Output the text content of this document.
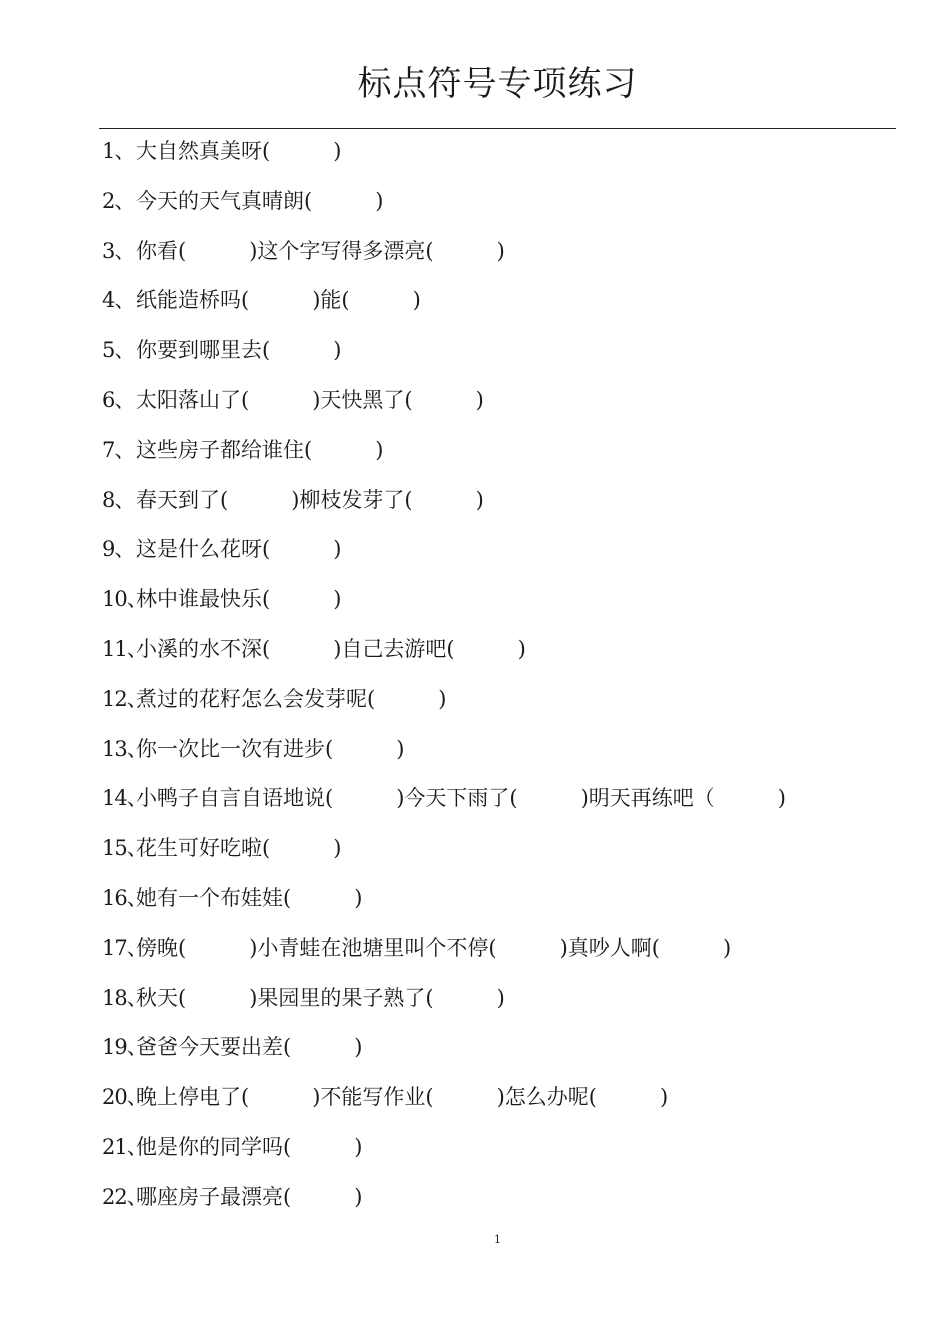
标点符号专项练习
1、大自然真美呀(　　　)
2、今天的天气真晴朗(　　　)
3、你看(　　　)这个字写得多漂亮(　　　)
4、纸能造桥吗(　　　)能(　　　)
5、你要到哪里去(　　　)
6、太阳落山了(　　　)天快黑了(　　　)
7、这些房子都给谁住(　　　)
8、春天到了(　　　)柳枝发芽了(　　　)
9、这是什么花呀(　　　)
10、林中谁最快乐(　　　)
11、小溪的水不深(　　　)自己去游吧(　　　)
12、煮过的花籽怎么会发芽呢(　　　)
13、你一次比一次有进步(　　　)
14、小鸭子自言自语地说(　　　)今天下雨了(　　　)明天再练吧（　　　)
15、花生可好吃啦(　　　)
16、她有一个布娃娃(　　　)
17、傍晚(　　　)小青蛙在池塘里叫个不停(　　　)真吵人啊(　　　)
18、秋天(　　　)果园里的果子熟了(　　　)
19、爸爸今天要出差(　　　)
20、晚上停电了(　　　)不能写作业(　　　)怎么办呢(　　　)
21、他是你的同学吗(　　　)
22、哪座房子最漂亮(　　　)
1
